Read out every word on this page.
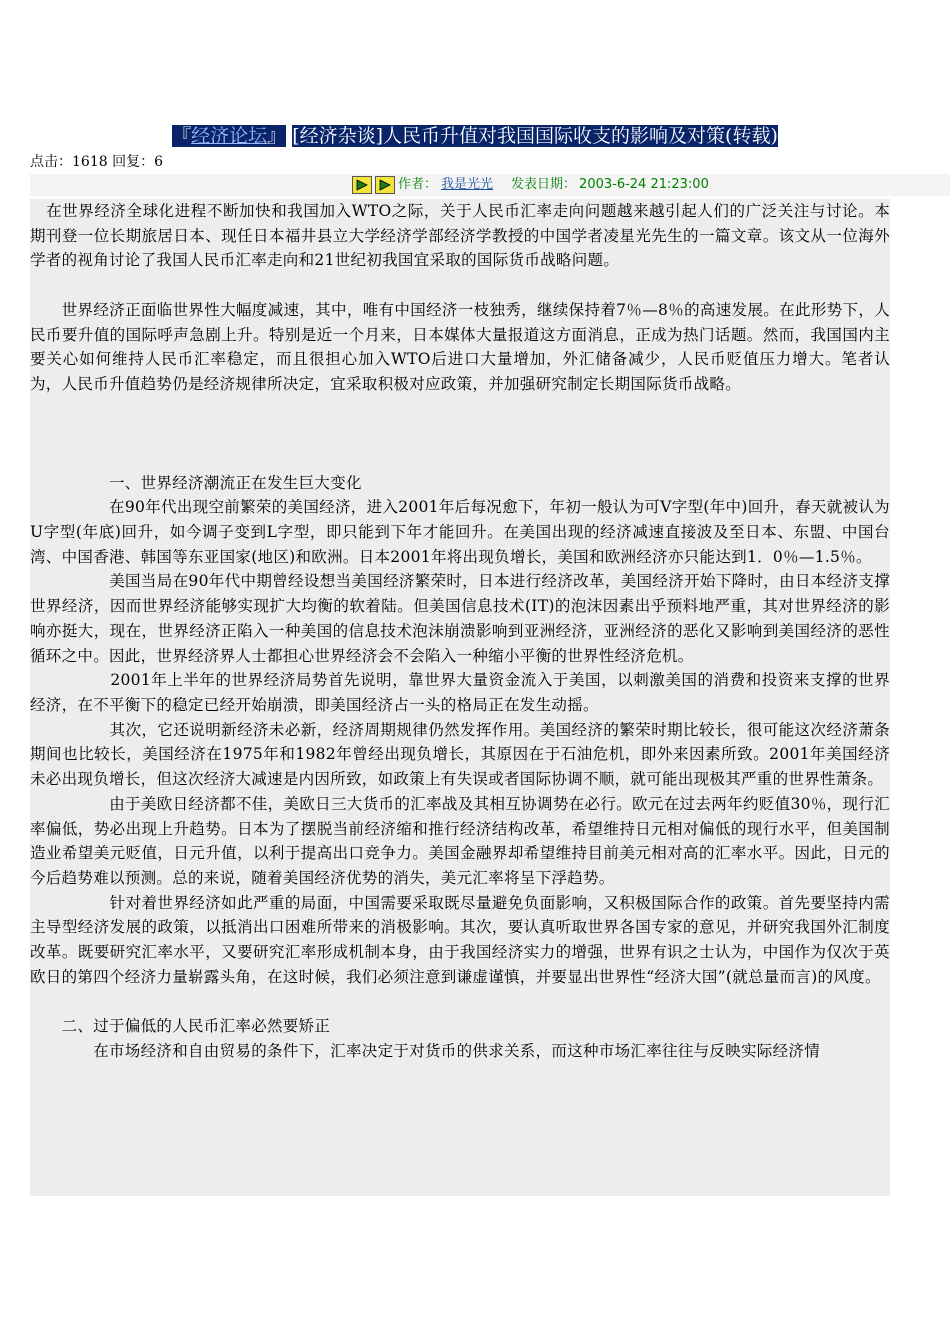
『经济论坛』 [经济杂谈]人民币升值对我国国际收支的影响及对策(转载)
点击：1618 回复：6
作者： 我是光光 发表日期： 2003-6-24 21:23:00

　在世界经济全球化进程不断加快和我国加入WTO之际，关于人民币汇率走向问题越来越引起人们的广泛关注与讨论。本期刊登一位长期旅居日本、现任日本福井县立大学经济学部经济学教授的中国学者凌星光先生的一篇文章。该文从一位海外学者的视角讨论了我国人民币汇率走向和21世纪初我国宜采取的国际货币战略问题。

　　世界经济正面临世界性大幅度减速，其中，唯有中国经济一枝独秀，继续保持着7％—8％的高速发展。在此形势下，人民币要升值的国际呼声急剧上升。特别是近一个月来，日本媒体大量报道这方面消息，正成为热门话题。然而，我国国内主要关心如何维持人民币汇率稳定，而且很担心加入WTO后进口大量增加，外汇储备减少，人民币贬值压力增大。笔者认为，人民币升值趋势仍是经济规律所决定，宜采取积极对应政策，并加强研究制定长期国际货币战略。

　　　　　一、世界经济潮流正在发生巨大变化

　　　　　在90年代出现空前繁荣的美国经济，进入2001年后每况愈下，年初一般认为可V字型(年中)回升，春天就被认为U字型(年底)回升，如今调子变到L字型，即只能到下年才能回升。在美国出现的经济减速直接波及至日本、东盟、中国台湾、中国香港、韩国等东亚国家(地区)和欧洲。日本2001年将出现负增长，美国和欧洲经济亦只能达到1．0％—1.5％。

　　　　　美国当局在90年代中期曾经设想当美国经济繁荣时，日本进行经济改革，美国经济开始下降时，由日本经济支撑世界经济，因而世界经济能够实现扩大均衡的软着陆。但美国信息技术(IT)的泡沫因素出乎预料地严重，其对世界经济的影响亦挺大，现在，世界经济正陷入一种美国的信息技术泡沫崩溃影响到亚洲经济，亚洲经济的恶化又影响到美国经济的恶性循环之中。因此，世界经济界人士都担心世界经济会不会陷入一种缩小平衡的世界性经济危机。

　　　　　2001年上半年的世界经济局势首先说明，靠世界大量资金流入于美国，以刺激美国的消费和投资来支撑的世界经济，在不平衡下的稳定已经开始崩溃，即美国经济占一头的格局正在发生动摇。

　　　　　其次，它还说明新经济未必新，经济周期规律仍然发挥作用。美国经济的繁荣时期比较长，很可能这次经济萧条期间也比较长，美国经济在1975年和1982年曾经出现负增长，其原因在于石油危机，即外来因素所致。2001年美国经济未必出现负增长，但这次经济大减速是内因所致，如政策上有失误或者国际协调不顺，就可能出现极其严重的世界性萧条。

　　　　　由于美欧日经济都不佳，美欧日三大货币的汇率战及其相互协调势在必行。欧元在过去两年约贬值30％，现行汇率偏低，势必出现上升趋势。日本为了摆脱当前经济缩和推行经济结构改革，希望维持日元相对偏低的现行水平，但美国制造业希望美元贬值，日元升值，以利于提高出口竞争力。美国金融界却希望维持目前美元相对高的汇率水平。因此，日元的今后趋势难以预测。总的来说，随着美国经济优势的消失，美元汇率将呈下浮趋势。

　　　　　针对着世界经济如此严重的局面，中国需要采取既尽量避免负面影响，又积极国际合作的政策。首先要坚持内需主导型经济发展的政策，以抵消出口困难所带来的消极影响。其次，要认真听取世界各国专家的意见，并研究我国外汇制度改革。既要研究汇率水平，又要研究汇率形成机制本身，由于我国经济实力的增强，世界有识之士认为，中国作为仅次于英欧日的第四个经济力量崭露头角，在这时候，我们必须注意到谦虚谨慎，并要显出世界性“经济大国”(就总量而言)的风度。

　　二、过于偏低的人民币汇率必然要矫正

　　　　在市场经济和自由贸易的条件下，汇率决定于对货币的供求关系，而这种市场汇率往往与反映实际经济情
